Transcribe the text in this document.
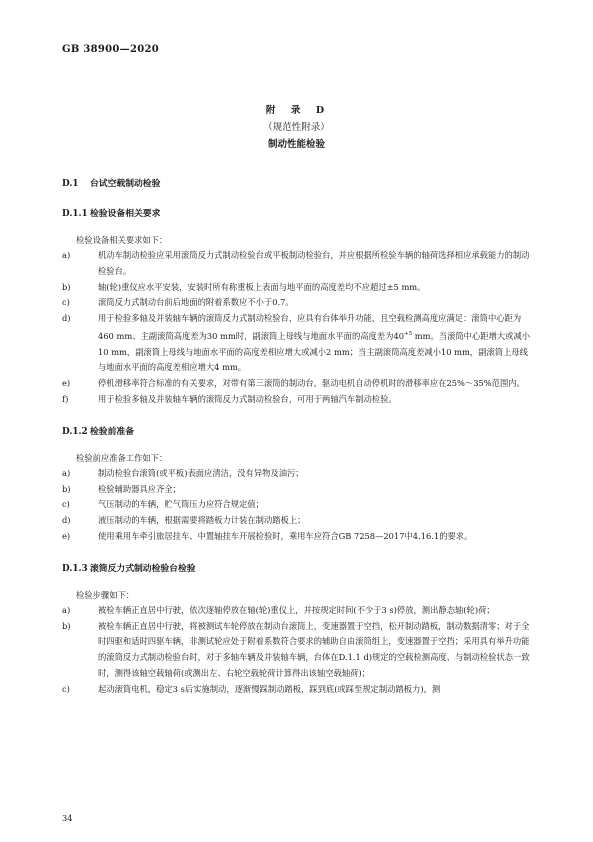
GB 38900—2020
附　录　D
（规范性附录）
制动性能检验
D.1 台试空载制动检验
D.1.1 检验设备相关要求
检验设备相关要求如下：
a)	机动车制动检验应采用滚筒反力式制动检验台或平板制动检验台，并应根据所检验车辆的轴荷选择相应承载能力的制动检验台。
b)	轴(轮)重仪应水平安装，安装时所有称重板上表面与地平面的高度差均不应超过±5 mm。
c)	滚筒反力式制动台前后地面的附着系数应不小于0.7。
d)	用于检验多轴及并装轴车辆的滚筒反力式制动检验台，应具有台体举升功能，且空载检测高度应满足：滚筒中心距为460 mm、主副滚筒高度差为30 mm时，副滚筒上母线与地面水平面的高度差为$40^{+5}$ mm。当滚筒中心距增大或减小10 mm，副滚筒上母线与地面水平面的高度差相应增大或减小2 mm；当主副滚筒高度差减小10 mm，副滚筒上母线与地面水平面的高度差相应增大4 mm。
e)	停机滑移率符合标准的有关要求，对带有第三滚筒的制动台，驱动电机自动停机时的滑移率应在25%～35%范围内。
f)	用于检验多轴及并装轴车辆的滚筒反力式制动检验台，可用于两轴汽车制动检验。
D.1.2 检验前准备
检验前应准备工作如下：
a)	制动检验台滚筒(或平板)表面应清洁，没有异物及油污；
b)	检验辅助器具应齐全；
c)	气压制动的车辆，贮气筒压力应符合规定值；
d)	液压制动的车辆，根据需要将踏板力计装在制动踏板上；
e)	使用乘用车牵引旅居挂车、中置轴挂车开展检验时，乘用车应符合GB 7258—2017中4.16.1的要求。
D.1.3 滚筒反力式制动检验台检验
检验步骤如下：
a)	被检车辆正直居中行驶，依次逐轴停放在轴(轮)重仪上，并按规定时间(不少于3 s)停放，测出静态轴(轮)荷；
b)	被检车辆正直居中行驶，将被测试车轮停放在制动台滚筒上，变速器置于空挡，松开制动踏板，制动数据清零；对于全时四驱和适时四驱车辆，非测试轮应处于附着系数符合要求的辅助自由滚筒组上，变速器置于空挡；采用具有举升功能的滚筒反力式制动检验台时，对于多轴车辆及并装轴车辆，台体在D.1.1 d)规定的空载检测高度、与制动检验状态一致时，测得该轴空载轴荷(或测出左、右轮空载轮荷计算得出该轴空载轴荷)；
c)	起动滚筒电机，稳定3 s后实施制动，逐渐慢踩制动踏板，踩到底(或踩至规定制动踏板力)，测
34
